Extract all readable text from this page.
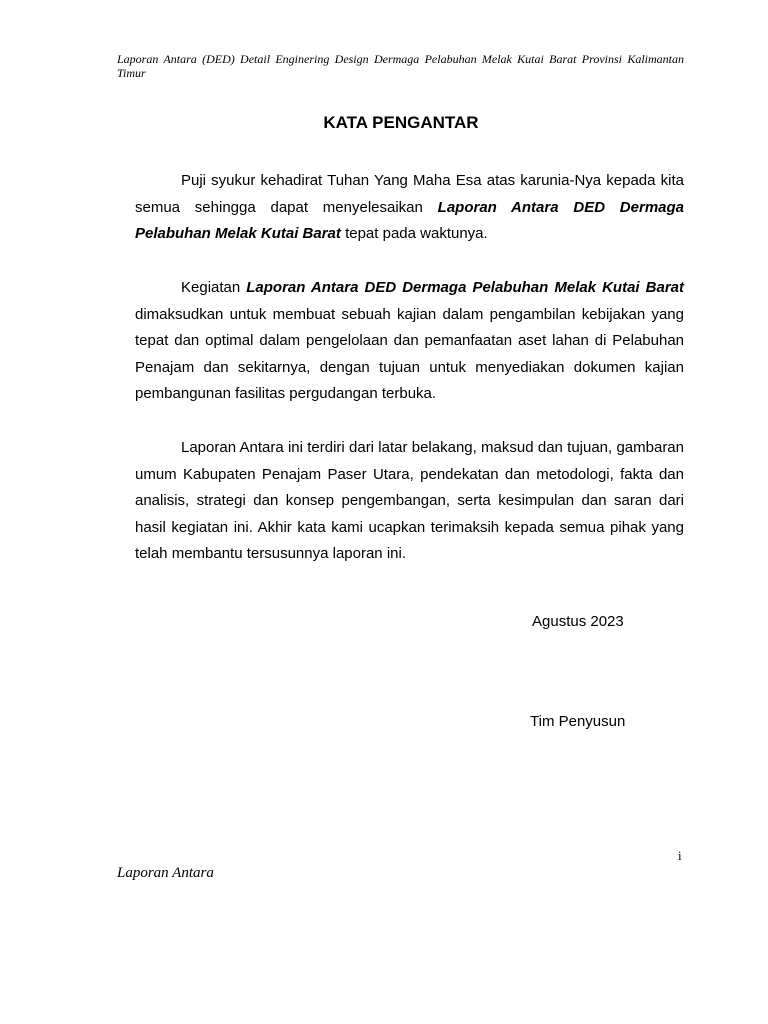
Laporan Antara (DED) Detail Enginering Design Dermaga Pelabuhan Melak Kutai Barat Provinsi Kalimantan Timur
KATA PENGANTAR

Puji syukur kehadirat Tuhan Yang Maha Esa atas karunia-Nya kepada kita semua sehingga dapat menyelesaikan Laporan Antara DED Dermaga Pelabuhan Melak Kutai Barat tepat pada waktunya.

Kegiatan Laporan Antara DED Dermaga Pelabuhan Melak Kutai Barat dimaksudkan untuk membuat sebuah kajian dalam pengambilan kebijakan yang tepat dan optimal dalam pengelolaan dan pemanfaatan aset lahan di Pelabuhan Penajam dan sekitarnya, dengan tujuan untuk menyediakan dokumen kajian pembangunan fasilitas pergudangan terbuka.

Laporan Antara ini terdiri dari latar belakang, maksud dan tujuan, gambaran umum Kabupaten Penajam Paser Utara, pendekatan dan metodologi, fakta dan analisis, strategi dan konsep pengembangan, serta kesimpulan dan saran dari hasil kegiatan ini. Akhir kata kami ucapkan terimaksih kepada semua pihak yang telah membantu tersusunnya laporan ini.

Agustus 2023
Tim Penyusun
i
Laporan Antara
